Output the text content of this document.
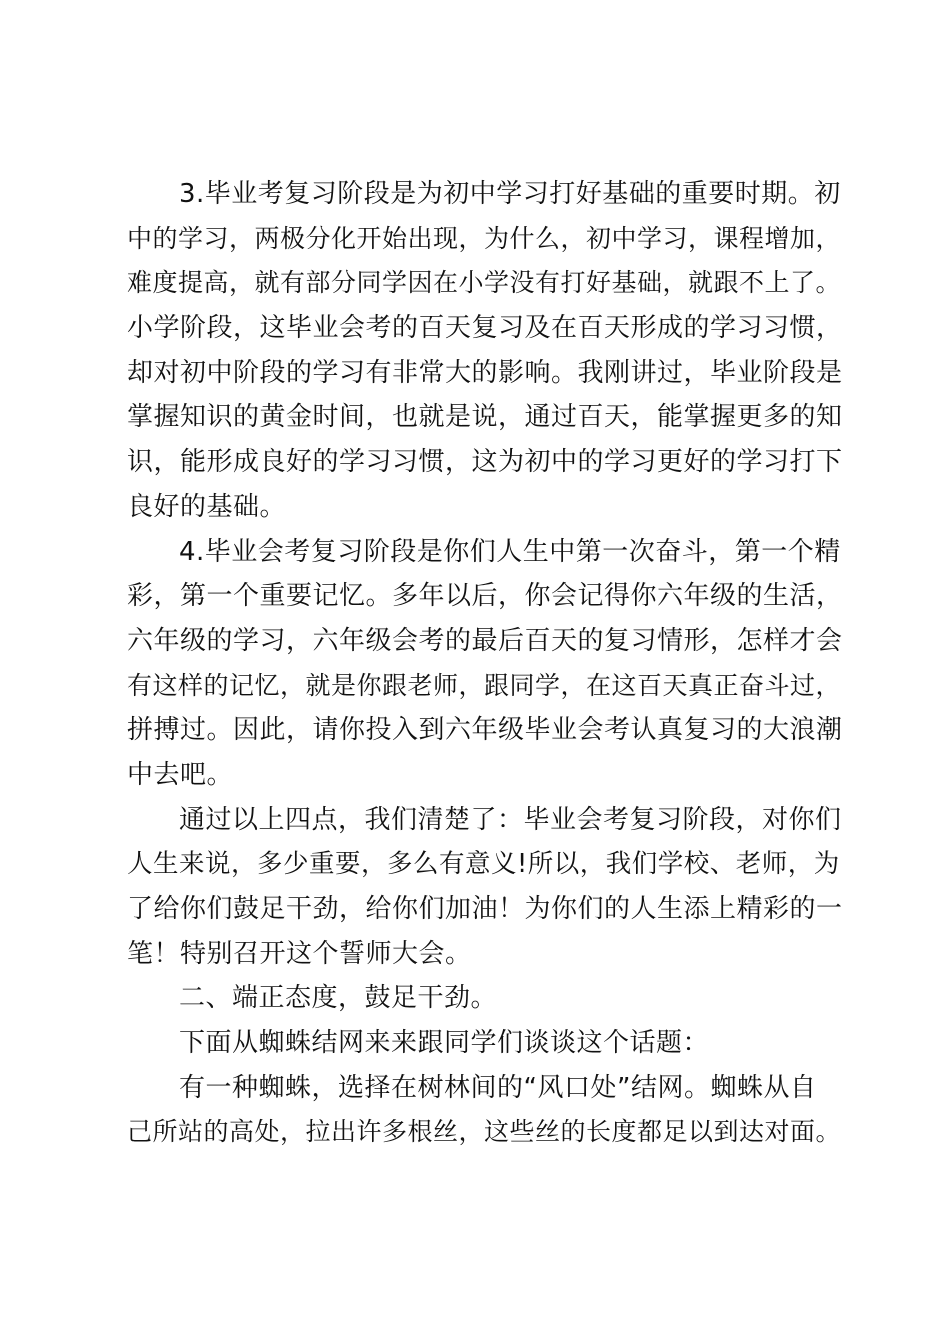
3.毕业考复习阶段是为初中学习打好基础的重要时期。初
中的学习，两极分化开始出现，为什么，初中学习，课程增加，
难度提高，就有部分同学因在小学没有打好基础，就跟不上了。
小学阶段，这毕业会考的百天复习及在百天形成的学习习惯，
却对初中阶段的学习有非常大的影响。我刚讲过，毕业阶段是
掌握知识的黄金时间，也就是说，通过百天，能掌握更多的知
识，能形成良好的学习习惯，这为初中的学习更好的学习打下
良好的基础。
4.毕业会考复习阶段是你们人生中第一次奋斗，第一个精
彩，第一个重要记忆。多年以后，你会记得你六年级的生活，
六年级的学习，六年级会考的最后百天的复习情形，怎样才会
有这样的记忆，就是你跟老师，跟同学，在这百天真正奋斗过，
拼搏过。因此，请你投入到六年级毕业会考认真复习的大浪潮
中去吧。
通过以上四点，我们清楚了：毕业会考复习阶段，对你们
人生来说，多少重要，多么有意义!所以，我们学校、老师，为
了给你们鼓足干劲，给你们加油！为你们的人生添上精彩的一
笔！特别召开这个誓师大会。
二、端正态度，鼓足干劲。
下面从蜘蛛结网来来跟同学们谈谈这个话题：
有一种蜘蛛，选择在树林间的“风口处”结网。蜘蛛从自
己所站的高处，拉出许多根丝，这些丝的长度都足以到达对面。
